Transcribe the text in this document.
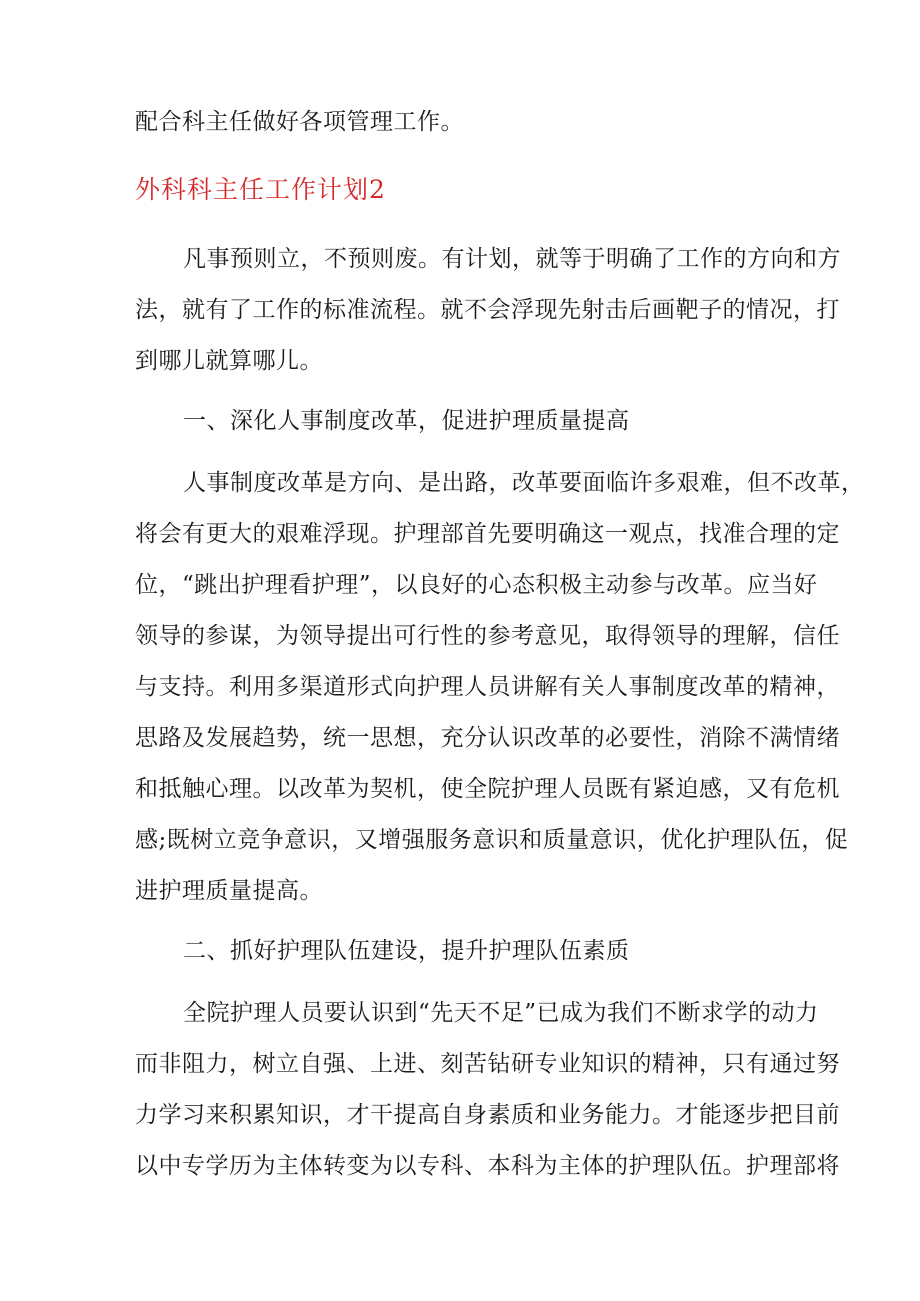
配合科主任做好各项管理工作。

外科科主任工作计划2

凡事预则立，不预则废。有计划，就等于明确了工作的方向和方

法，就有了工作的标准流程。就不会浮现先射击后画靶子的情况，打

到哪儿就算哪儿。

一、深化人事制度改革，促进护理质量提高

人事制度改革是方向、是出路，改革要面临许多艰难，但不改革，

将会有更大的艰难浮现。护理部首先要明确这一观点，找准合理的定

位，“跳出护理看护理”，以良好的心态积极主动参与改革。应当好

领导的参谋，为领导提出可行性的参考意见，取得领导的理解，信任

与支持。利用多渠道形式向护理人员讲解有关人事制度改革的精神，

思路及发展趋势，统一思想，充分认识改革的必要性，消除不满情绪

和抵触心理。以改革为契机，使全院护理人员既有紧迫感，又有危机

感;既树立竞争意识，又增强服务意识和质量意识，优化护理队伍，促

进护理质量提高。

二、抓好护理队伍建设，提升护理队伍素质

全院护理人员要认识到“先天不足”已成为我们不断求学的动力

而非阻力，树立自强、上进、刻苦钻研专业知识的精神，只有通过努

力学习来积累知识，才干提高自身素质和业务能力。才能逐步把目前

以中专学历为主体转变为以专科、本科为主体的护理队伍。护理部将
